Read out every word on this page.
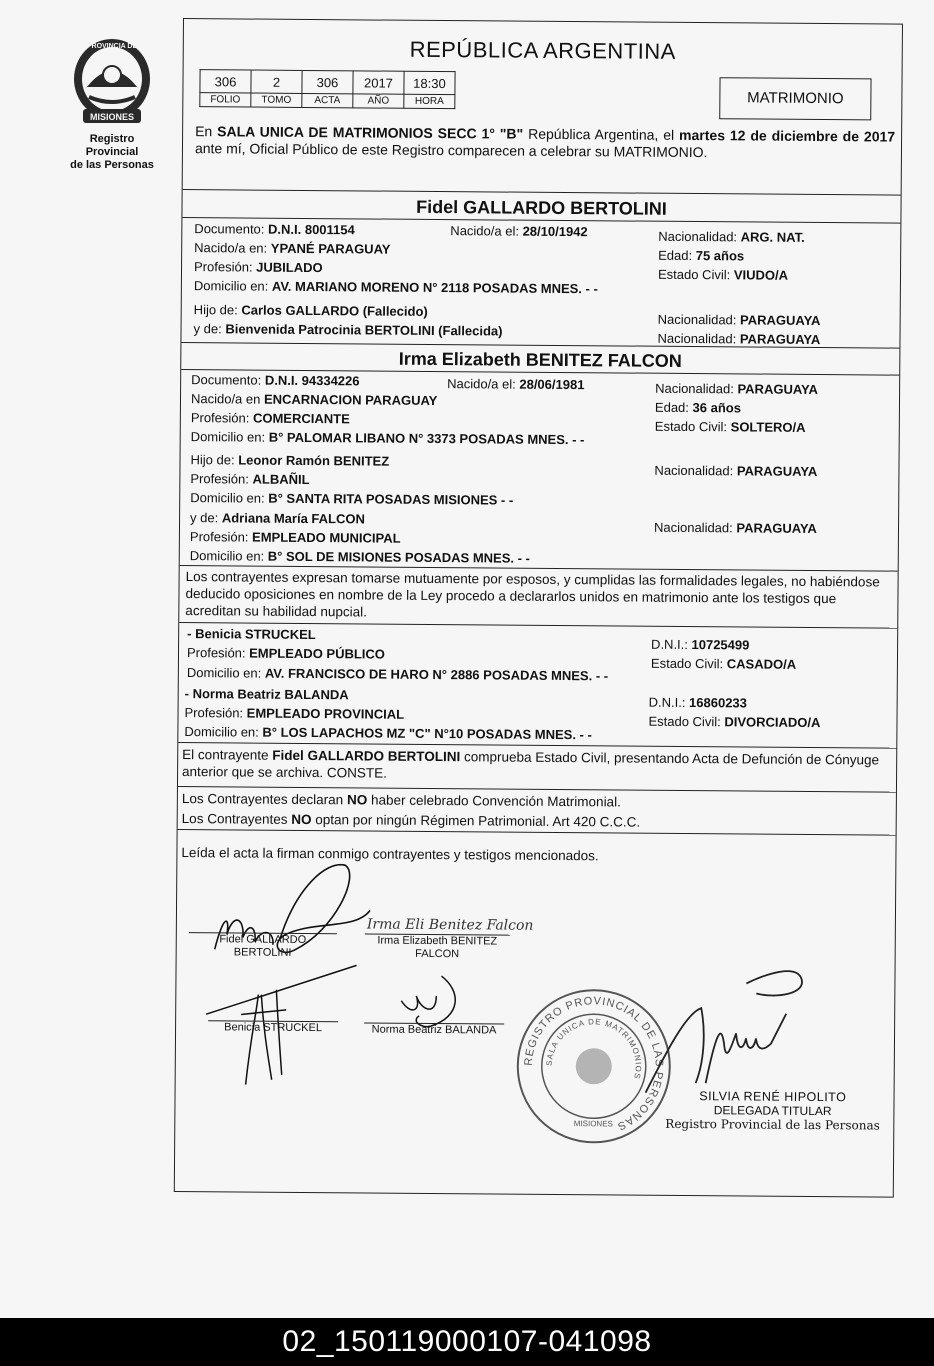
MISIONES
PROVINCIA DE
Registro Provincial
de las Personas
REPÚBLICA ARGENTINA
306	2	306	2017	18:30
FOLIO	TOMO	ACTA	AÑO	HORA	MATRIMONIO
En SALA UNICA DE MATRIMONIOS SECC 1° "B" República Argentina, el martes 12 de diciembre de 2017 ante mí, Oficial Público de este Registro comparecen a celebrar su MATRIMONIO.
Fidel GALLARDO BERTOLINI
Documento: D.N.I. 8001154	Nacido/a el: 28/10/1942	Nacionalidad: ARG. NAT.
Nacido/a en: YPANÉ PARAGUAY	Edad: 75 años
Profesión: JUBILADO	Estado Civil: VIUDO/A
Domicilio en: AV. MARIANO MORENO N° 2118 POSADAS MNES. - -
Hijo de: Carlos GALLARDO (Fallecido)
Nacionalidad: PARAGUAYA
y de: Bienvenida Patrocinia BERTOLINI (Fallecida)
Nacionalidad: PARAGUAYA
Irma Elizabeth BENITEZ FALCON
Documento: D.N.I. 94334226	Nacido/a el: 28/06/1981	Nacionalidad: PARAGUAYA
Nacido/a en ENCARNACION PARAGUAY	Edad: 36 años
Profesión: COMERCIANTE
Estado Civil: SOLTERO/A
Domicilio en: B° PALOMAR LIBANO N° 3373 POSADAS MNES. - -
Hijo de: Leonor Ramón BENITEZ
Nacionalidad: PARAGUAYA
Profesión: ALBAÑIL
Domicilio en: B° SANTA RITA POSADAS MISIONES - -
y de: Adriana María FALCON
Nacionalidad: PARAGUAYA
Profesión: EMPLEADO MUNICIPAL
Domicilio en: B° SOL DE MISIONES POSADAS MNES. - -
Los contrayentes expresan tomarse mutuamente por esposos, y cumplidas las formalidades legales, no habiéndose deducido oposiciones en nombre de la Ley procedo a declararlos unidos en matrimonio ante los testigos que acreditan su habilidad nupcial.
- Benicia STRUCKEL
D.N.I.: 10725499
Profesión: EMPLEADO PÚBLICO
Estado Civil: CASADO/A
Domicilio en: AV. FRANCISCO DE HARO N° 2886 POSADAS MNES. - -
- Norma Beatriz BALANDA
D.N.I.: 16860233
Profesión: EMPLEADO PROVINCIAL	Estado Civil: DIVORCIADO/A
Domicilio en: B° LOS LAPACHOS MZ "C" N°10 POSADAS MNES. - -
El contrayente Fidel GALLARDO BERTOLINI comprueba Estado Civil, presentando Acta de Defunción de Cónyuge anterior que se archiva. CONSTE.
Los Contrayentes declaran NO haber celebrado Convención Matrimonial.
Los Contrayentes NO optan por ningún Régimen Patrimonial. Art 420 C.C.C.
Leída el acta la firman conmigo contrayentes y testigos mencionados.
Fidel GALLARDO
BERTOLINI
Irma Eli Benitez Falcon
Irma Elizabeth BENITEZ
FALCON
Benicia STRUCKEL	Norma Beatriz BALANDA
REGISTRO PROVINCIAL DE LAS PERSONAS
SALA UNICA DE MATRIMONIOS
MISIONES
SILVIA RENÉ HIPOLITO
DELEGADA TITULAR
Registro Provincial de las Personas
02_150119000107-041098
